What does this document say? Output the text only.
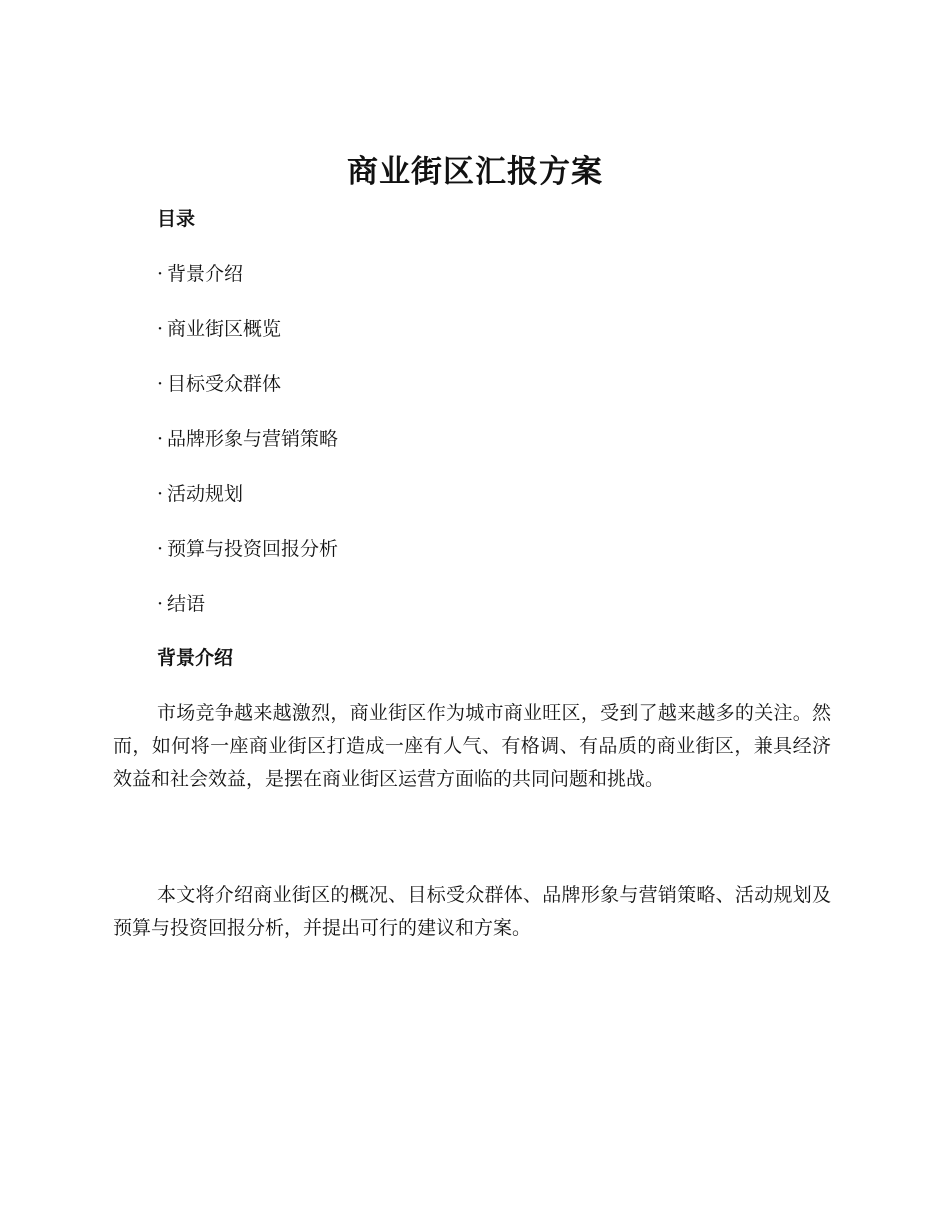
商业街区汇报方案
目录
· 背景介绍
· 商业街区概览
· 目标受众群体
· 品牌形象与营销策略
· 活动规划
· 预算与投资回报分析
· 结语
背景介绍

市场竞争越来越激烈，商业街区作为城市商业旺区，受到了越来越多的关注。然而，如何将一座商业街区打造成一座有人气、有格调、有品质的商业街区，兼具经济效益和社会效益，是摆在商业街区运营方面临的共同问题和挑战。

本文将介绍商业街区的概况、目标受众群体、品牌形象与营销策略、活动规划及预算与投资回报分析，并提出可行的建议和方案。
